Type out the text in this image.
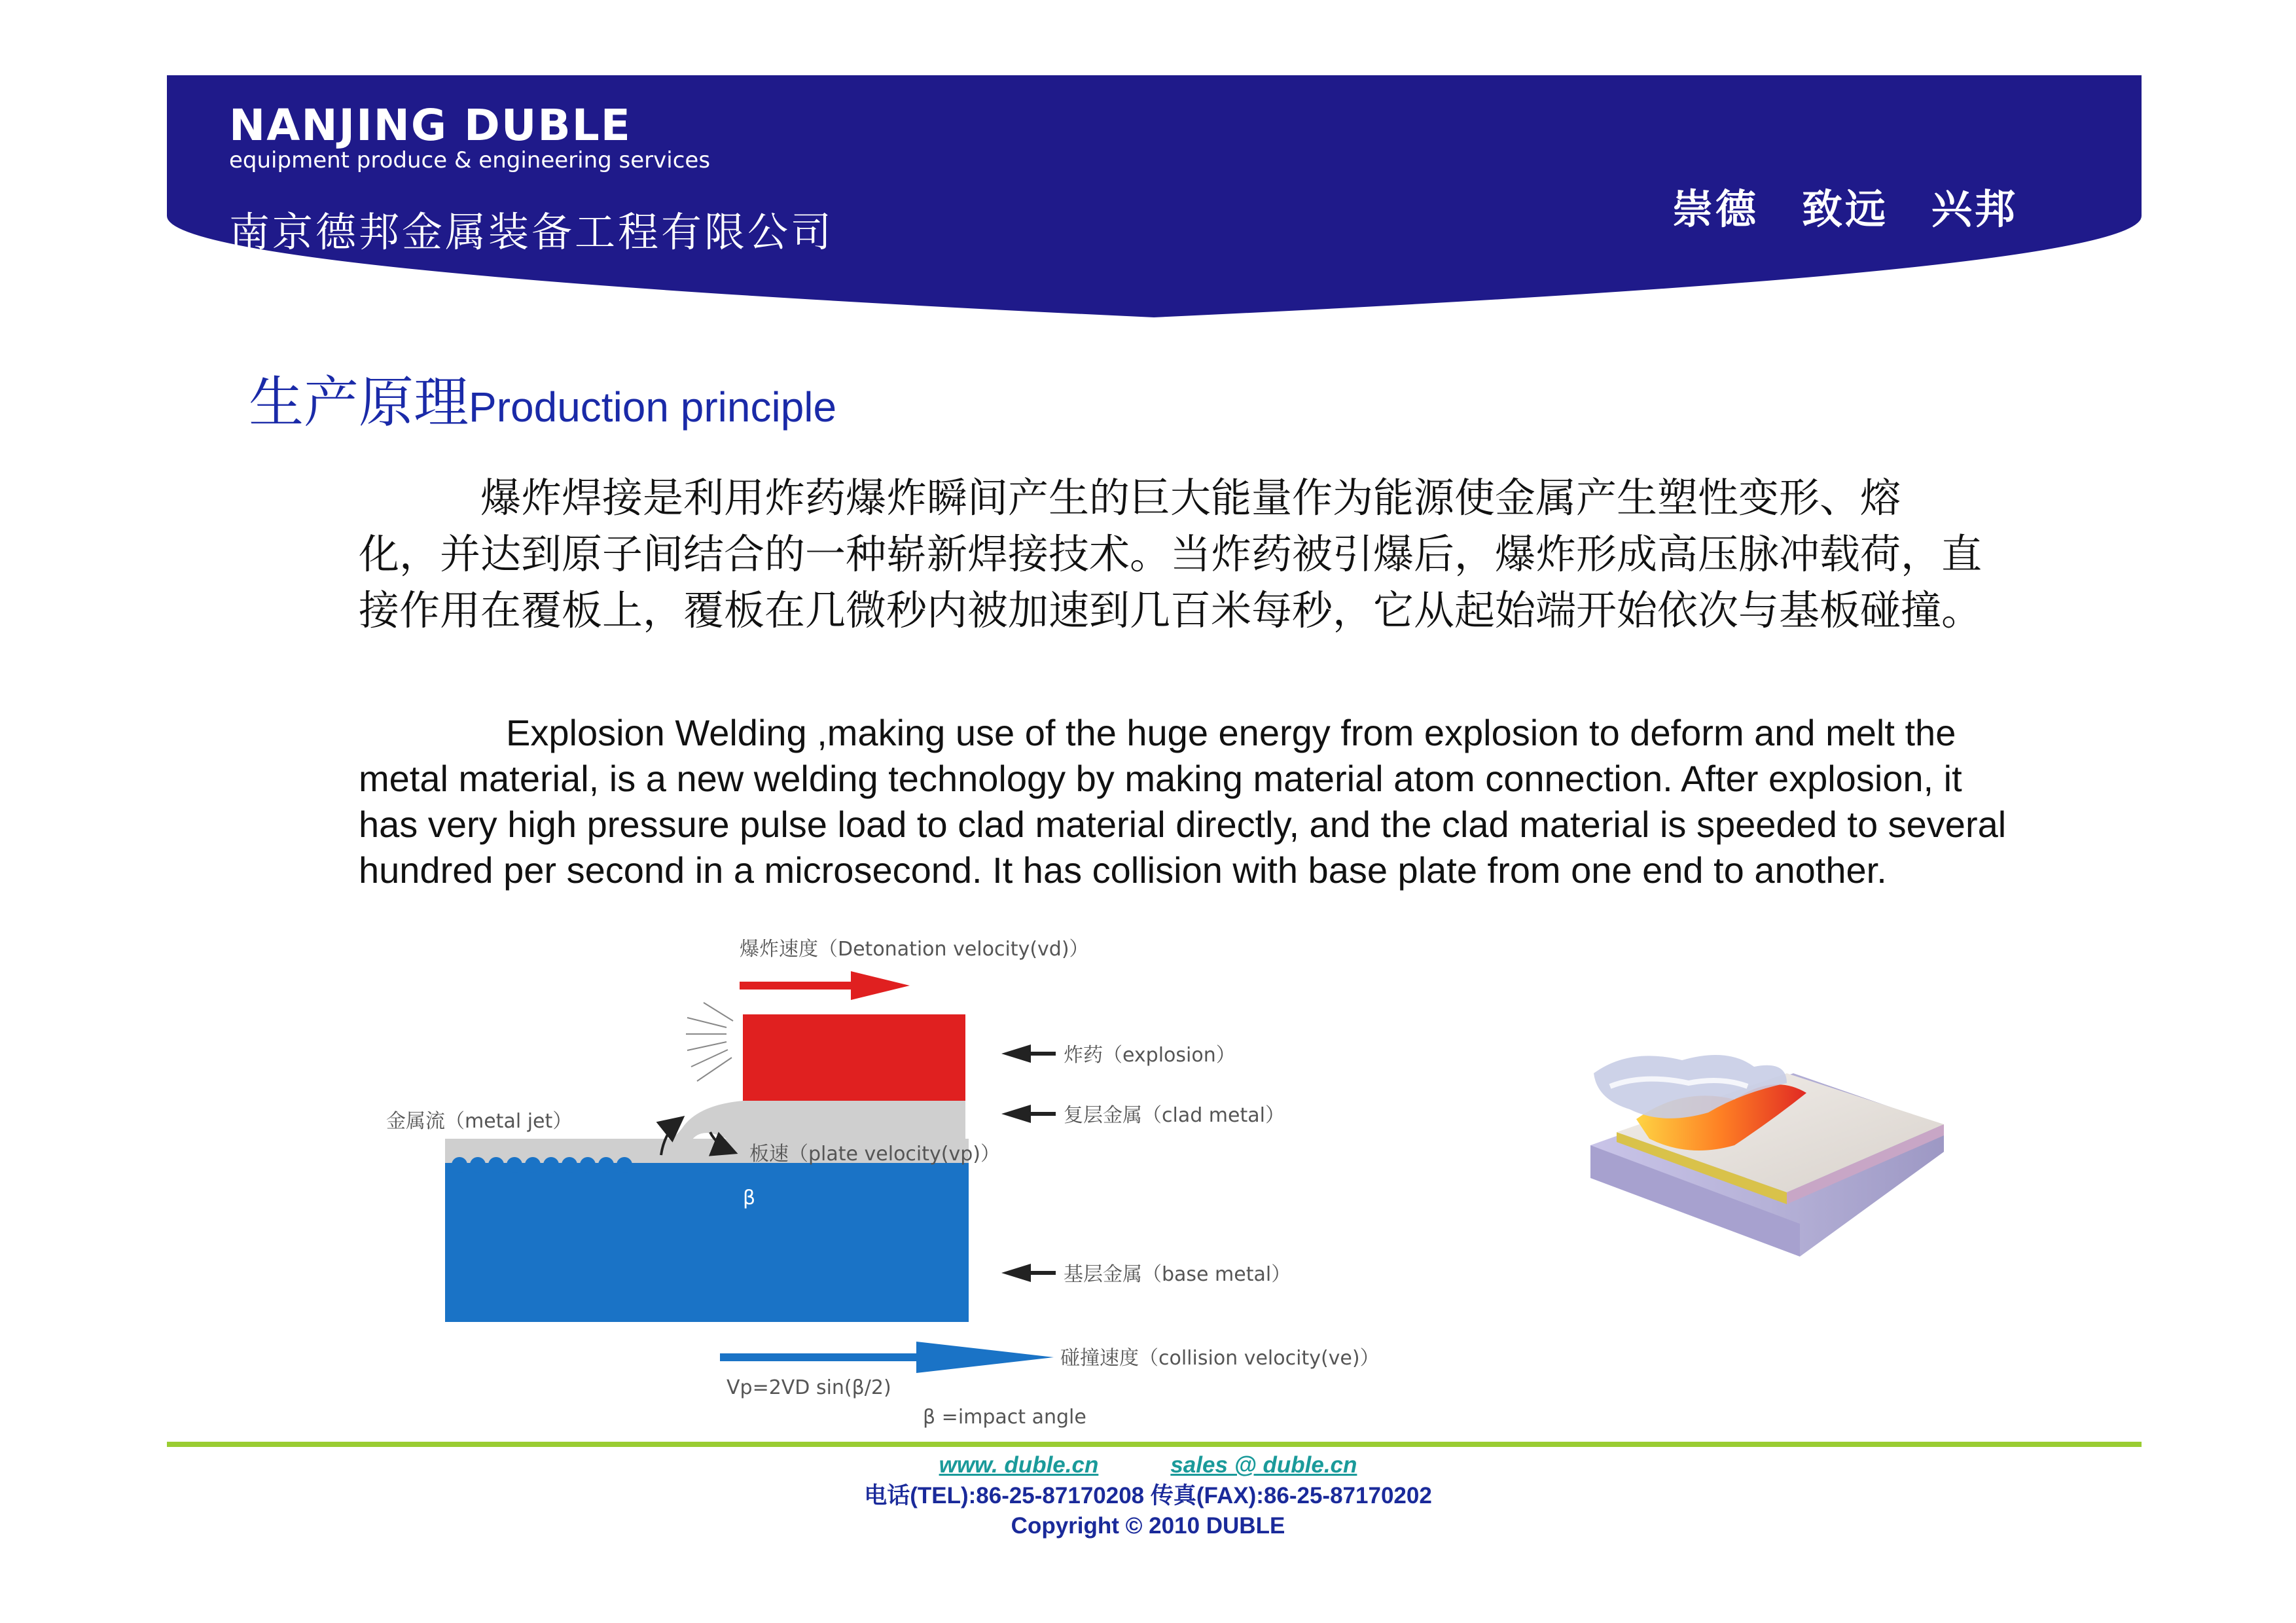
NANJING DUBLE
equipment produce & engineering services
南京德邦金属装备工程有限公司	崇德　致远　兴邦
生产原理Production principle

爆炸焊接是利用炸药爆炸瞬间产生的巨大能量作为能源使金属产生塑性变形、熔　化，并达到原子间结合的一种崭新焊接技术。当炸药被引爆后，爆炸形成高压脉冲载荷，直接作用在覆板上，覆板在几微秒内被加速到几百米每秒，它从起始端开始依次与基板碰撞。

Explosion Welding ,making use of the huge energy from explosion to deform and melt the metal material, is a new welding technology by making material atom connection. After explosion, it has very high pressure pulse load to clad material directly, and the clad material is speeded to several hundred per second in a microsecond. It has collision with base plate from one end to another.

爆炸速度（Detonation velocity(vd)）
金属流（metal jet）
板速（plate velocity(vp)）
β
炸药（explosion）
复层金属（clad metal）
基层金属（base metal）
碰撞速度（collision velocity(ve)）
Vp=2VD sin(β/2)
β =impact angle
www. duble.cn	sales @ duble.cn
电话(TEL):86-25-87170208 传真(FAX):86-25-87170202
Copyright © 2010 DUBLE
